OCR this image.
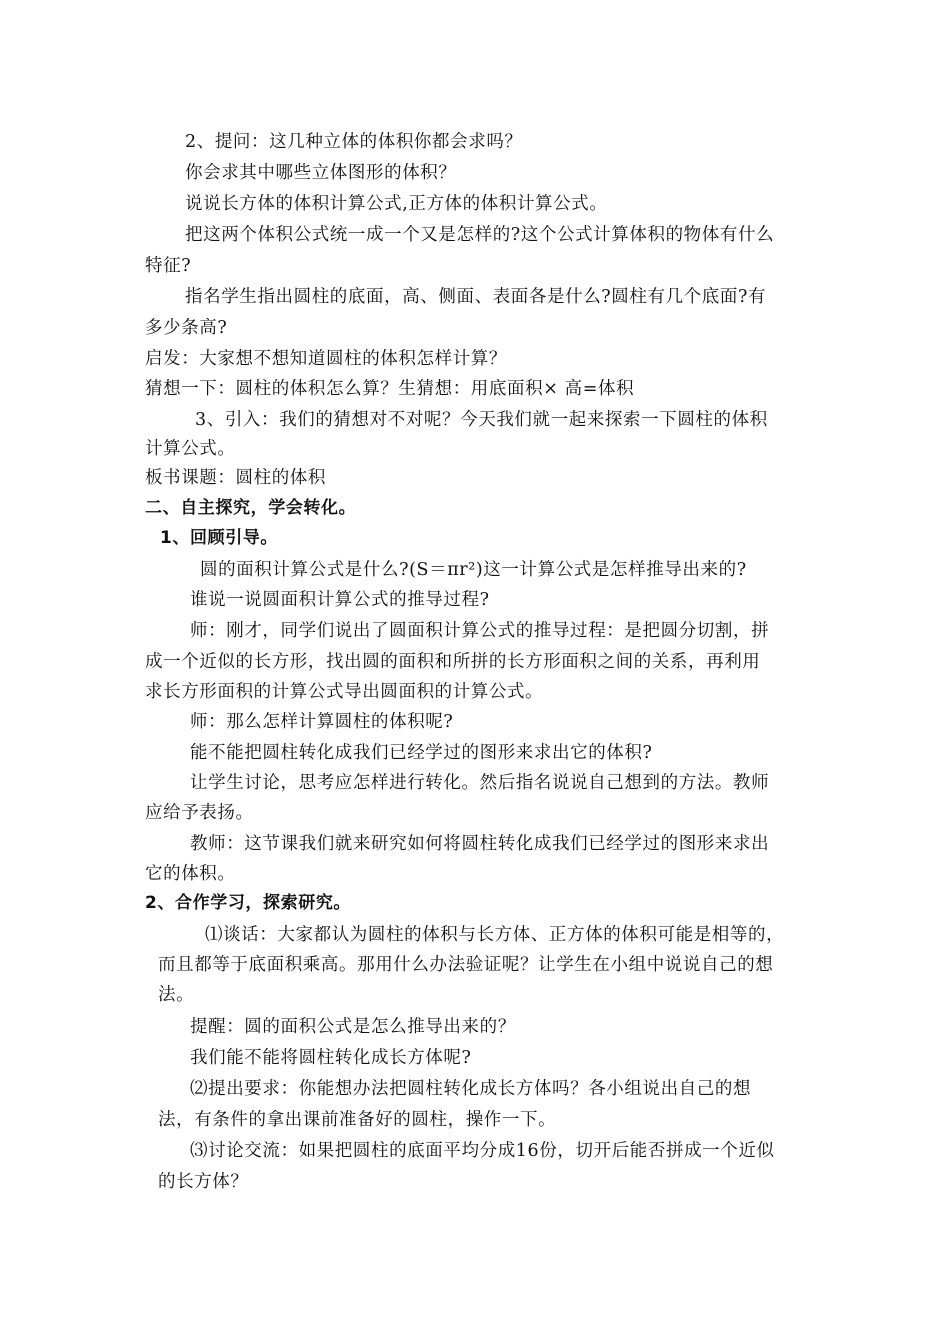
2、提问：这几种立体的体积你都会求吗？

你会求其中哪些立体图形的体积？

说说长方体的体积计算公式,正方体的体积计算公式。

把这两个体积公式统一成一个又是怎样的?这个公式计算体积的物体有什么

特征?

指名学生指出圆柱的底面，高、侧面、表面各是什么?圆柱有几个底面?有

多少条高?

启发：大家想不想知道圆柱的体积怎样计算？

猜想一下：圆柱的体积怎么算？生猜想：用底面积× 高=体积

3、引入：我们的猜想对不对呢？今天我们就一起来探索一下圆柱的体积

计算公式。

板书课题：圆柱的体积

二、自主探究，学会转化。

1、回顾引导。

圆的面积计算公式是什么?(S＝πr²)这一计算公式是怎样推导出来的?

谁说一说圆面积计算公式的推导过程?

师：刚才，同学们说出了圆面积计算公式的推导过程：是把圆分切割，拼

成一个近似的长方形，找出圆的面积和所拼的长方形面积之间的关系，再利用

求长方形面积的计算公式导出圆面积的计算公式。

师：那么怎样计算圆柱的体积呢?

能不能把圆柱转化成我们已经学过的图形来求出它的体积?

让学生讨论，思考应怎样进行转化。然后指名说说自己想到的方法。教师

应给予表扬。

教师：这节课我们就来研究如何将圆柱转化成我们已经学过的图形来求出

它的体积。

2、合作学习，探索研究。

⑴谈话：大家都认为圆柱的体积与长方体、正方体的体积可能是相等的，

而且都等于底面积乘高。那用什么办法验证呢？让学生在小组中说说自己的想

法。

提醒：圆的面积公式是怎么推导出来的？

我们能不能将圆柱转化成长方体呢?

⑵提出要求：你能想办法把圆柱转化成长方体吗？各小组说出自己的想

法，有条件的拿出课前准备好的圆柱，操作一下。

⑶讨论交流：如果把圆柱的底面平均分成16份，切开后能否拼成一个近似

的长方体？
